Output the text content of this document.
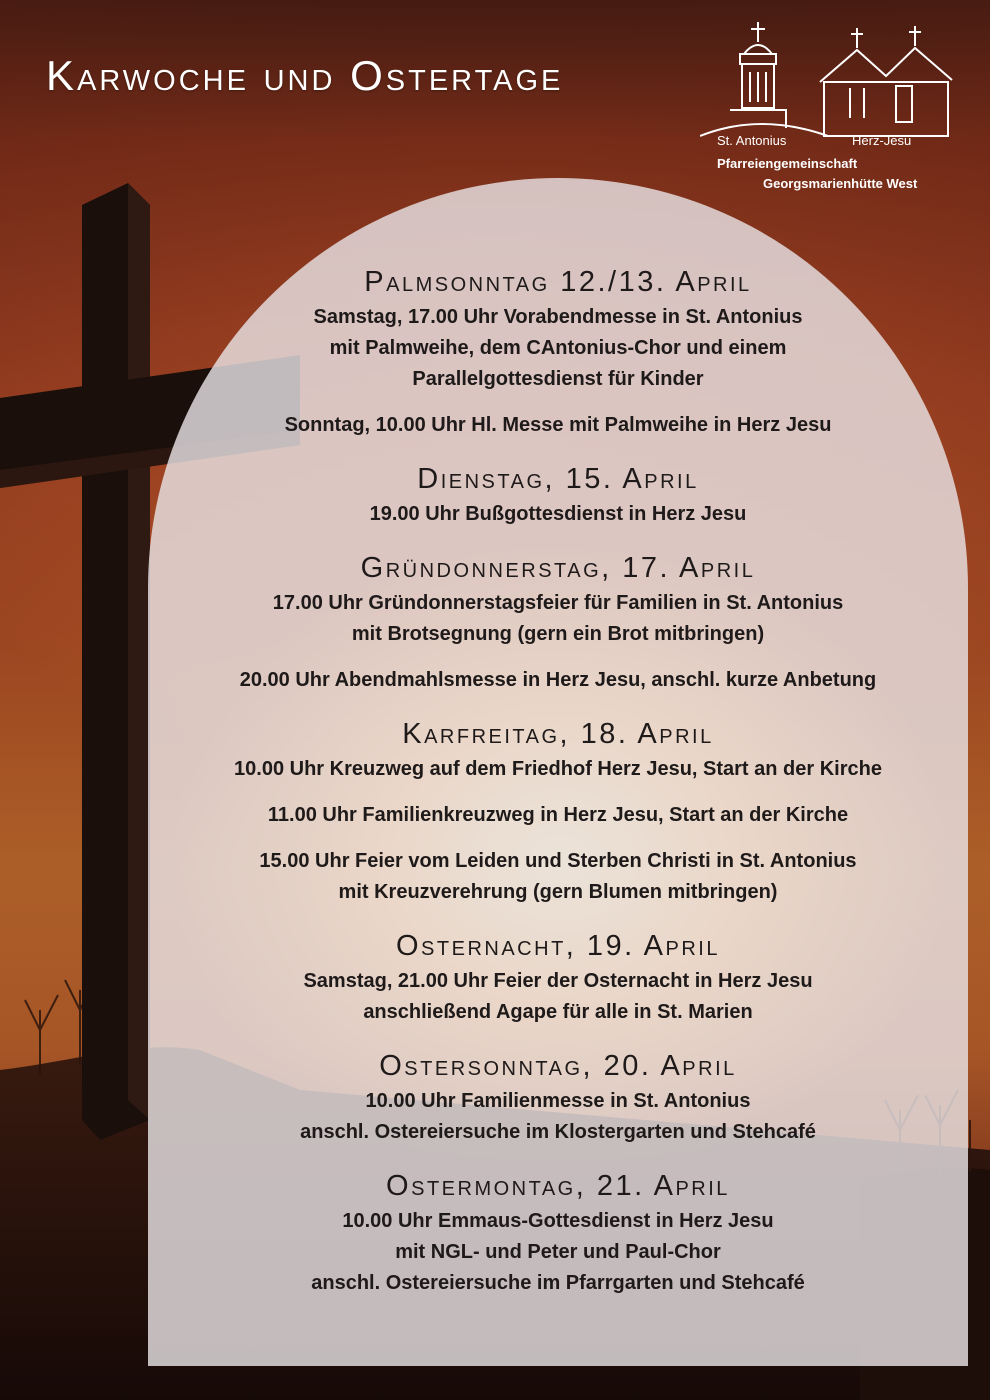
Karwoche und Ostertage
St. Antonius	Herz-Jesu
Pfarreiengemeinschaft
Georgsmarienhütte West
Palmsonntag 12./13. April

Samstag, 17.00 Uhr Vorabendmesse in St. Antonius

mit Palmweihe, dem CAntonius-Chor und einem

Parallelgottesdienst für Kinder

Sonntag, 10.00 Uhr Hl. Messe mit Palmweihe in Herz Jesu

Dienstag, 15. April

19.00 Uhr Bußgottesdienst in Herz Jesu

Gründonnerstag, 17. April

17.00 Uhr Gründonnerstagsfeier für Familien in St. Antonius

mit Brotsegnung (gern ein Brot mitbringen)

20.00 Uhr Abendmahlsmesse in Herz Jesu, anschl. kurze Anbetung

Karfreitag, 18. April

10.00 Uhr Kreuzweg auf dem Friedhof Herz Jesu, Start an der Kirche

11.00 Uhr Familienkreuzweg in Herz Jesu, Start an der Kirche

15.00 Uhr Feier vom Leiden und Sterben Christi in St. Antonius

mit Kreuzverehrung (gern Blumen mitbringen)

Osternacht, 19. April

Samstag, 21.00 Uhr Feier der Osternacht in Herz Jesu

anschließend Agape für alle in St. Marien

Ostersonntag, 20. April

10.00 Uhr Familienmesse in St. Antonius

anschl. Ostereiersuche im Klostergarten und Stehcafé

Ostermontag, 21. April

10.00 Uhr Emmaus-Gottesdienst in Herz Jesu

mit NGL- und Peter und Paul-Chor

anschl. Ostereiersuche im Pfarrgarten und Stehcafé
